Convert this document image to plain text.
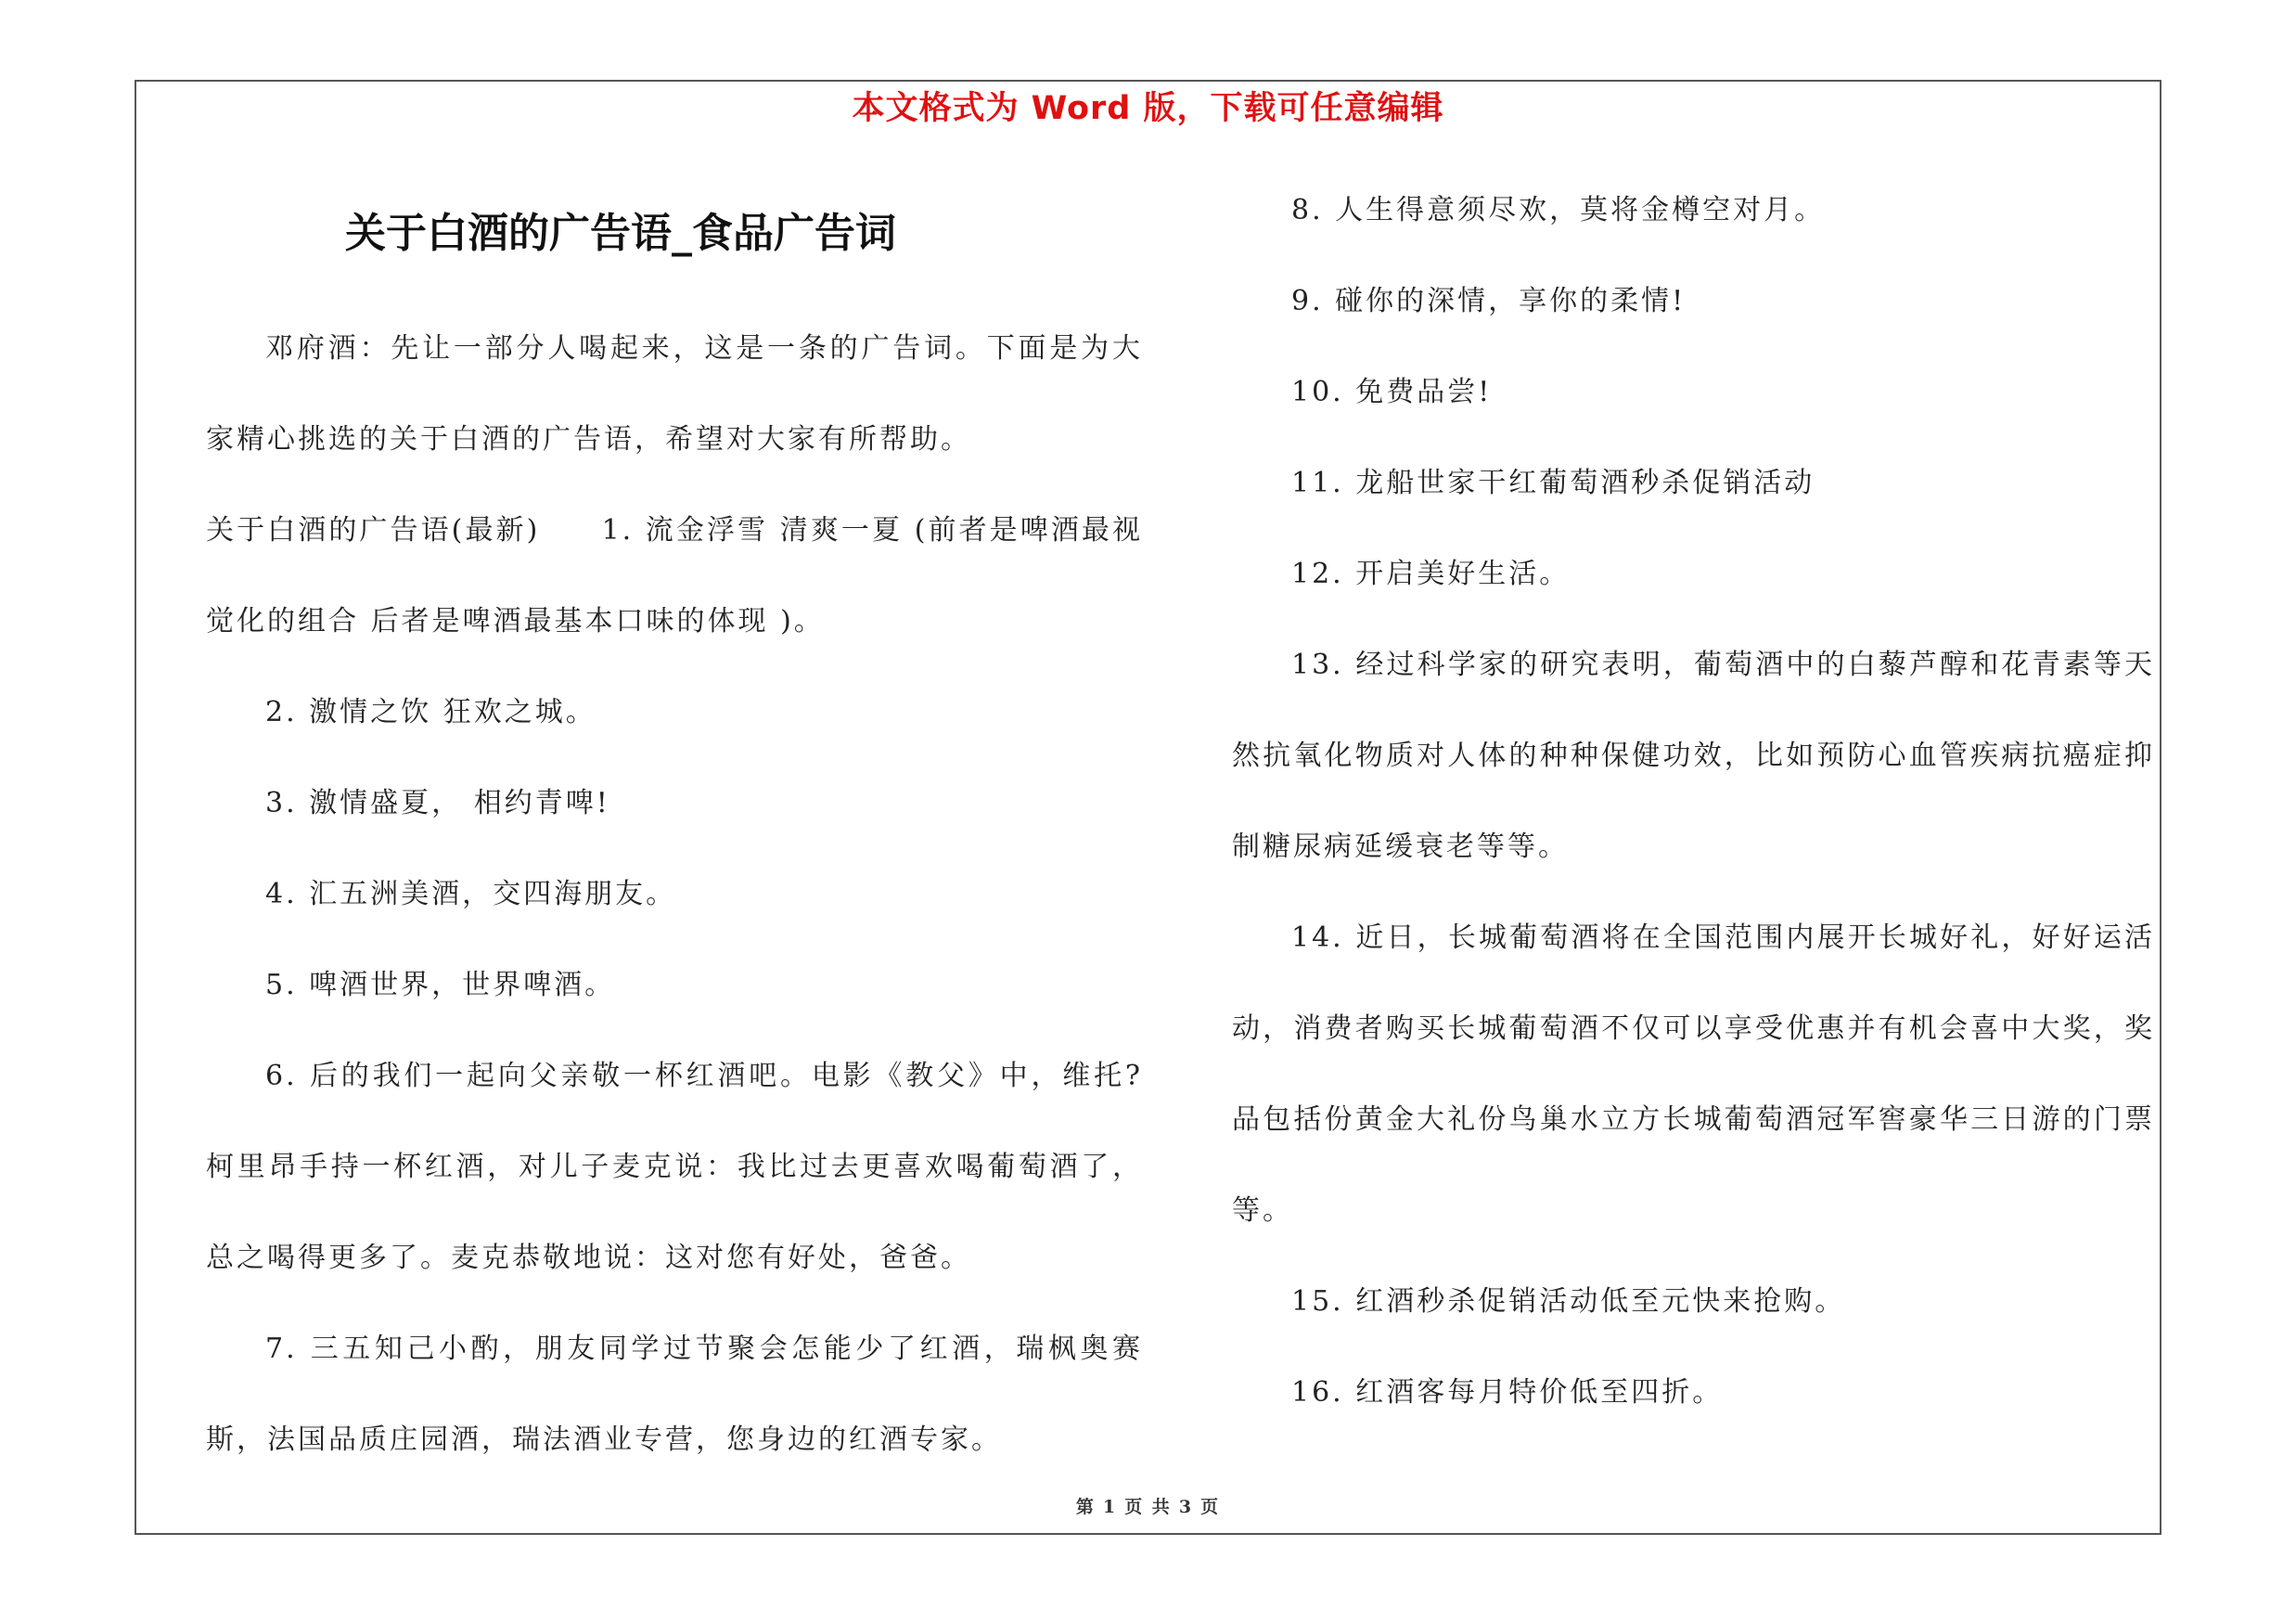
本文格式为 Word 版，下载可任意编辑
关于白酒的广告语_食品广告词

邓府酒：先让一部分人喝起来，这是一条的广告词。下面是为大家精心挑选的关于白酒的广告语，希望对大家有所帮助。

关于白酒的广告语(最新)　　1. 流金浮雪 清爽一夏 (前者是啤酒最视觉化的组合 后者是啤酒最基本口味的体现 )。

2. 激情之饮 狂欢之城。

3. 激情盛夏， 相约青啤!

4. 汇五洲美酒，交四海朋友。

5. 啤酒世界，世界啤酒。

6. 后的我们一起向父亲敬一杯红酒吧。电影《教父》中，维托?柯里昂手持一杯红酒，对儿子麦克说：我比过去更喜欢喝葡萄酒了，总之喝得更多了。麦克恭敬地说：这对您有好处，爸爸。

7. 三五知己小酌，朋友同学过节聚会怎能少了红酒，瑞枫奥赛斯，法国品质庄园酒，瑞法酒业专营，您身边的红酒专家。

8. 人生得意须尽欢，莫将金樽空对月。

9. 碰你的深情，享你的柔情!

10. 免费品尝!

11. 龙船世家干红葡萄酒秒杀促销活动

12. 开启美好生活。

13. 经过科学家的研究表明，葡萄酒中的白藜芦醇和花青素等天然抗氧化物质对人体的种种保健功效，比如预防心血管疾病抗癌症抑制糖尿病延缓衰老等等。

14. 近日，长城葡萄酒将在全国范围内展开长城好礼，好好运活动，消费者购买长城葡萄酒不仅可以享受优惠并有机会喜中大奖，奖品包括份黄金大礼份鸟巢水立方长城葡萄酒冠军窖豪华三日游的门票等。

15. 红酒秒杀促销活动低至元快来抢购。

16. 红酒客每月特价低至四折。

第 1 页 共 3 页
